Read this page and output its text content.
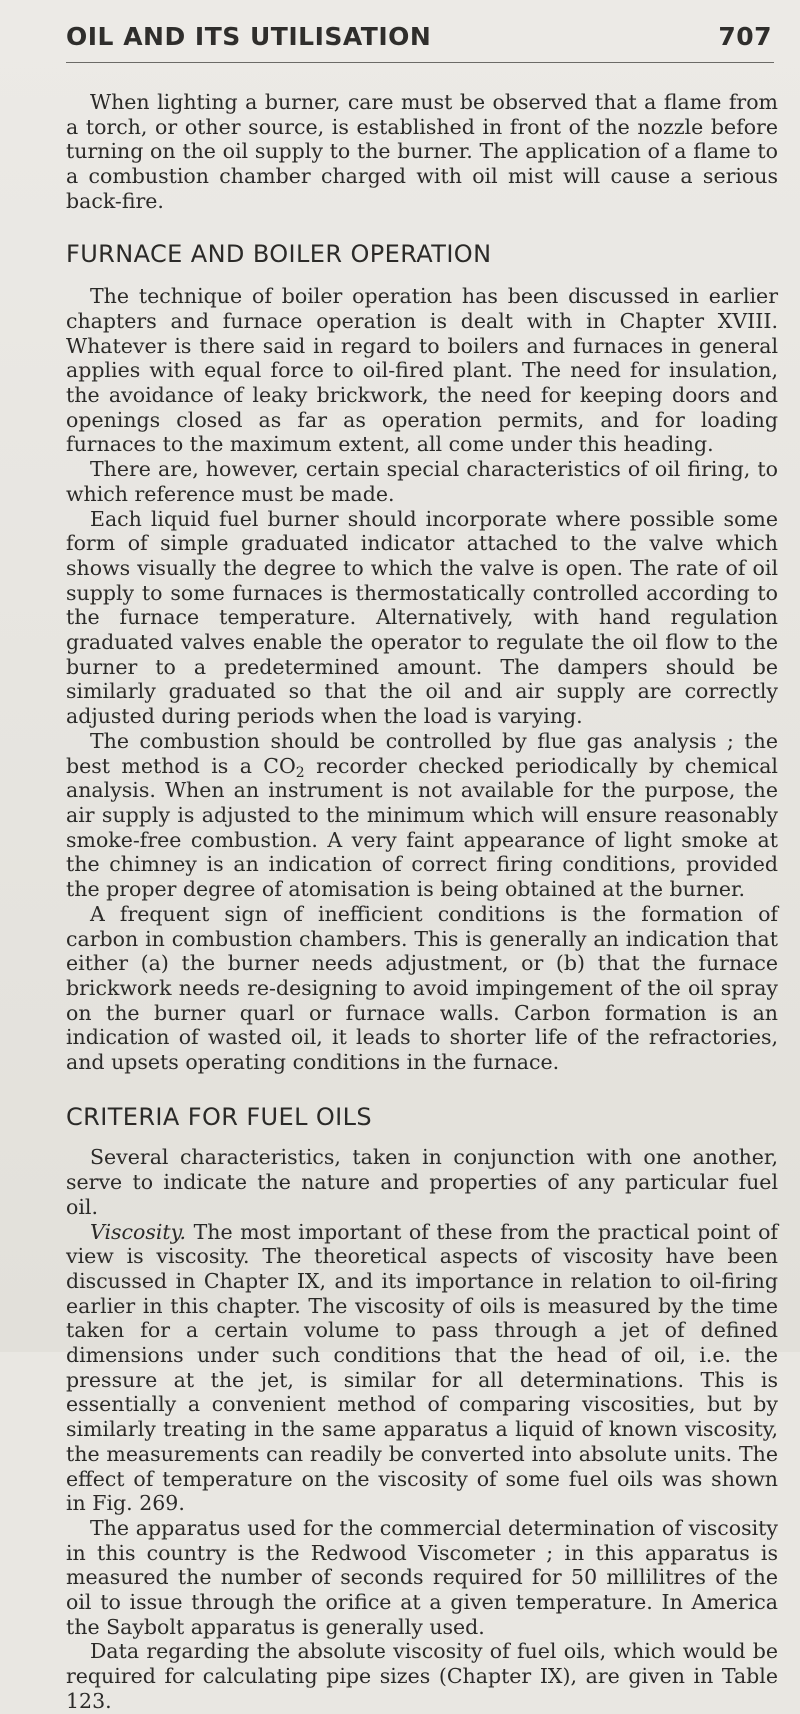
OIL AND ITS UTILISATION	707

When lighting a burner, care must be observed that a flame from a torch, or other source, is established in front of the nozzle before turning on the oil supply to the burner. The application of a flame to a combustion chamber charged with oil mist will cause a serious back-fire.

FURNACE AND BOILER OPERATION

The technique of boiler operation has been discussed in earlier chapters and furnace operation is dealt with in Chapter XVIII. Whatever is there said in regard to boilers and furnaces in general applies with equal force to oil-fired plant. The need for insulation, the avoidance of leaky brickwork, the need for keeping doors and openings closed as far as operation permits, and for loading furnaces to the maximum extent, all come under this heading.

There are, however, certain special characteristics of oil firing, to which reference must be made.

Each liquid fuel burner should incorporate where possible some form of simple graduated indicator attached to the valve which shows visually the degree to which the valve is open. The rate of oil supply to some furnaces is thermostatically controlled according to the furnace temperature. Alternatively, with hand regulation graduated valves enable the operator to regulate the oil flow to the burner to a predetermined amount. The dampers should be similarly graduated so that the oil and air supply are correctly adjusted during periods when the load is varying.

The combustion should be controlled by flue gas analysis ; the best method is a $CO_2$ recorder checked periodically by chemical analysis. When an instrument is not available for the purpose, the air supply is adjusted to the minimum which will ensure reasonably smoke-free combustion. A very faint appearance of light smoke at the chimney is an indication of correct firing conditions, provided the proper degree of atomisation is being obtained at the burner.

A frequent sign of inefficient conditions is the formation of carbon in combustion chambers. This is generally an indication that either (a) the burner needs adjustment, or (b) that the furnace brickwork needs re-designing to avoid impingement of the oil spray on the burner quarl or furnace walls. Carbon formation is an indication of wasted oil, it leads to shorter life of the refractories, and upsets operating conditions in the furnace.

CRITERIA FOR FUEL OILS

Several characteristics, taken in conjunction with one another, serve to indicate the nature and properties of any particular fuel oil.

Viscosity. The most important of these from the practical point of view is viscosity. The theoretical aspects of viscosity have been discussed in Chapter IX, and its importance in relation to oil-firing earlier in this chapter. The viscosity of oils is measured by the time taken for a certain volume to pass through a jet of defined dimensions under such conditions that the head of oil, i.e. the pressure at the jet, is similar for all determinations. This is essentially a convenient method of comparing viscosities, but by similarly treating in the same apparatus a liquid of known viscosity, the measurements can readily be converted into absolute units. The effect of temperature on the viscosity of some fuel oils was shown in Fig. 269.

The apparatus used for the commercial determination of viscosity in this country is the Redwood Viscometer ; in this apparatus is measured the number of seconds required for 50 millilitres of the oil to issue through the orifice at a given temperature. In America the Saybolt apparatus is generally used.

Data regarding the absolute viscosity of fuel oils, which would be required for calculating pipe sizes (Chapter IX), are given in Table 123.
